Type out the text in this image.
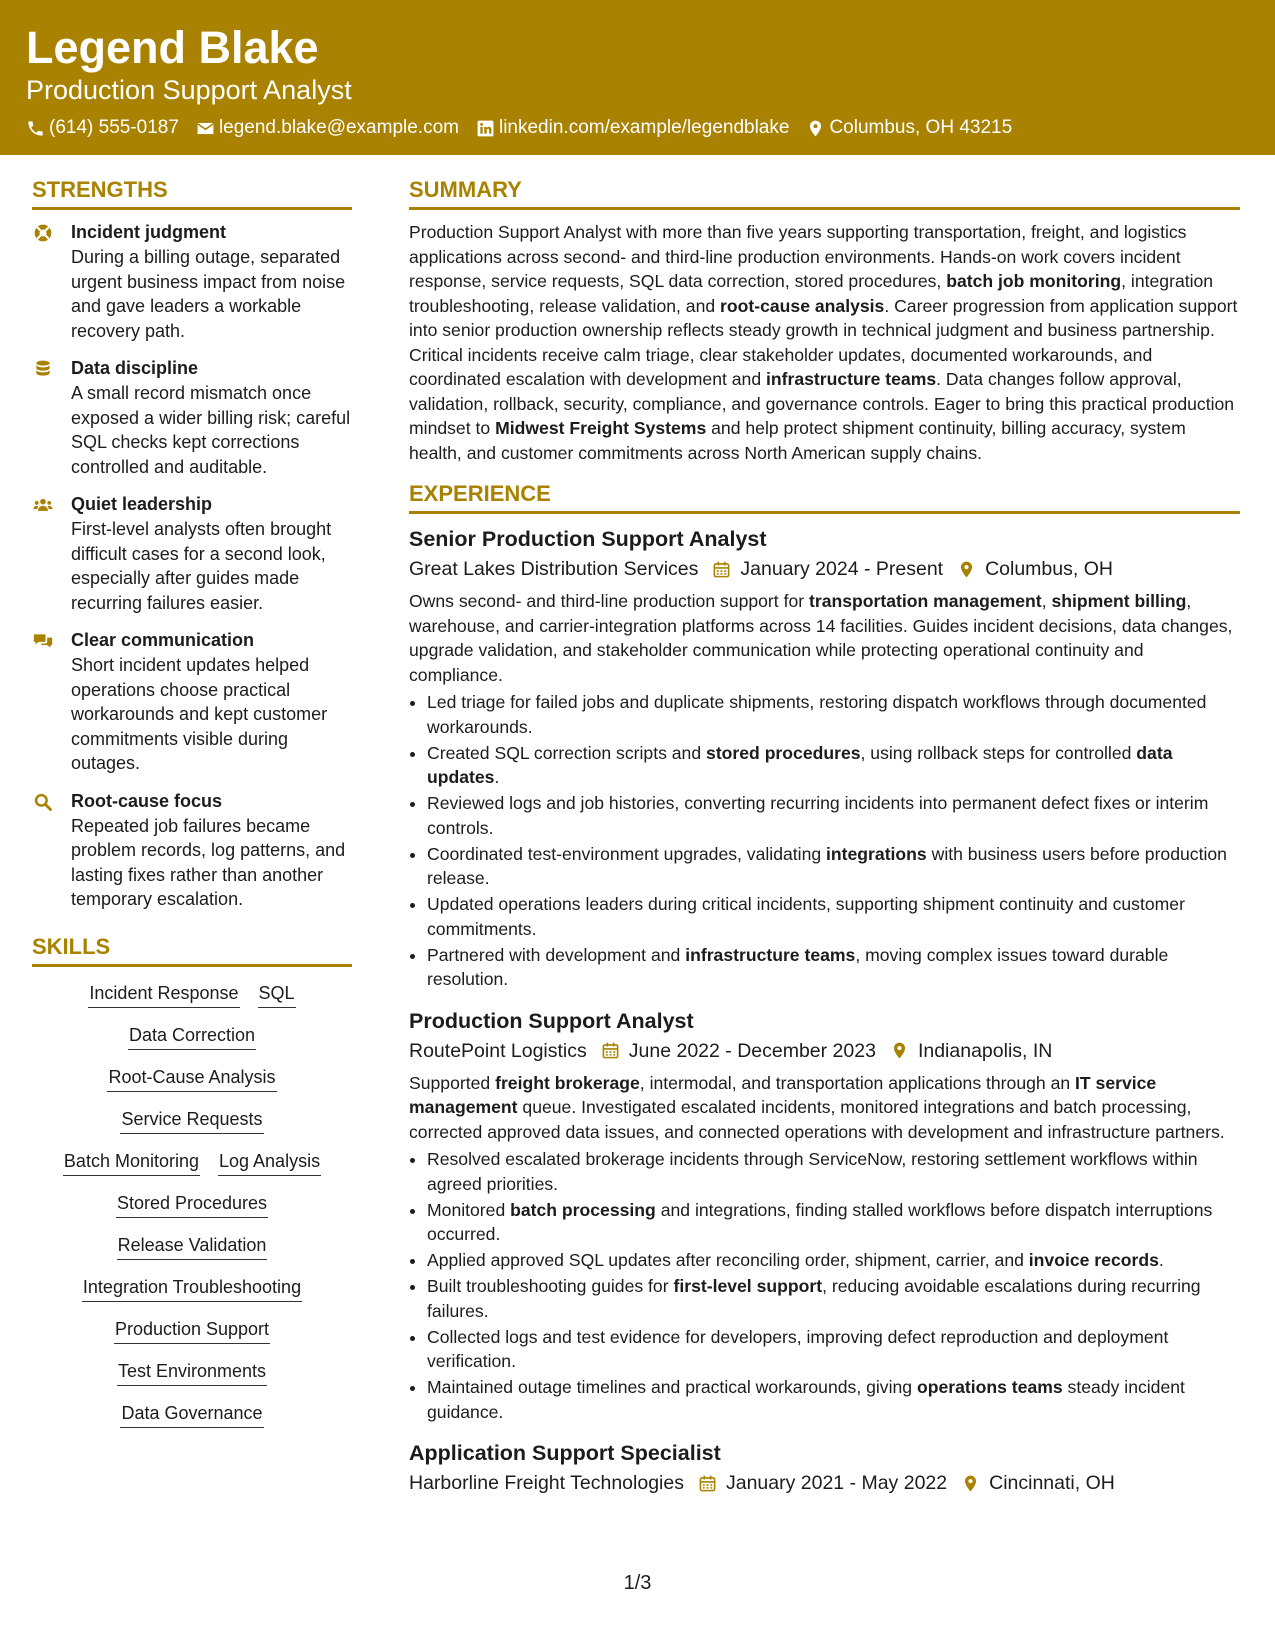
Legend Blake
Production Support Analyst
(614) 555-0187 legend.blake@example.com linkedin.com/example/legendblake Columbus, OH 43215
STRENGTHS
Incident judgment
During a billing outage, separated urgent business impact from noise and gave leaders a workable recovery path.
Data discipline
A small record mismatch once exposed a wider billing risk; careful SQL checks kept corrections controlled and auditable.
Quiet leadership
First-level analysts often brought difficult cases for a second look, especially after guides made recurring failures easier.
Clear communication
Short incident updates helped operations choose practical workarounds and kept customer commitments visible during outages.
Root-cause focus
Repeated job failures became problem records, log patterns, and lasting fixes rather than another temporary escalation.
SKILLS
Incident Response SQL
Data Correction
Root-Cause Analysis
Service Requests
Batch Monitoring Log Analysis
Stored Procedures
Release Validation
Integration Troubleshooting
Production Support
Test Environments
Data Governance
SUMMARY
Production Support Analyst with more than five years supporting transportation, freight, and logistics applications across second- and third-line production environments. Hands-on work covers incident response, service requests, SQL data correction, stored procedures, batch job monitoring, integration troubleshooting, release validation, and root-cause analysis. Career progression from application support into senior production ownership reflects steady growth in technical judgment and business partnership. Critical incidents receive calm triage, clear stakeholder updates, documented workarounds, and coordinated escalation with development and infrastructure teams. Data changes follow approval, validation, rollback, security, compliance, and governance controls. Eager to bring this practical production mindset to Midwest Freight Systems and help protect shipment continuity, billing accuracy, system health, and customer commitments across North American supply chains.
EXPERIENCE
Senior Production Support Analyst
Great Lakes Distribution Services January 2024 - Present Columbus, OH
Owns second- and third-line production support for transportation management, shipment billing, warehouse, and carrier-integration platforms across 14 facilities. Guides incident decisions, data changes, upgrade validation, and stakeholder communication while protecting operational continuity and compliance.
• Led triage for failed jobs and duplicate shipments, restoring dispatch workflows through documented workarounds.
• Created SQL correction scripts and stored procedures, using rollback steps for controlled data updates.
• Reviewed logs and job histories, converting recurring incidents into permanent defect fixes or interim controls.
• Coordinated test-environment upgrades, validating integrations with business users before production release.
• Updated operations leaders during critical incidents, supporting shipment continuity and customer commitments.
• Partnered with development and infrastructure teams, moving complex issues toward durable resolution.
Production Support Analyst
RoutePoint Logistics June 2022 - December 2023 Indianapolis, IN
Supported freight brokerage, intermodal, and transportation applications through an IT service management queue. Investigated escalated incidents, monitored integrations and batch processing, corrected approved data issues, and connected operations with development and infrastructure partners.
• Resolved escalated brokerage incidents through ServiceNow, restoring settlement workflows within agreed priorities.
• Monitored batch processing and integrations, finding stalled workflows before dispatch interruptions occurred.
• Applied approved SQL updates after reconciling order, shipment, carrier, and invoice records.
• Built troubleshooting guides for first-level support, reducing avoidable escalations during recurring failures.
• Collected logs and test evidence for developers, improving defect reproduction and deployment verification.
• Maintained outage timelines and practical workarounds, giving operations teams steady incident guidance.
Application Support Specialist
Harborline Freight Technologies January 2021 - May 2022 Cincinnati, OH
1/3
